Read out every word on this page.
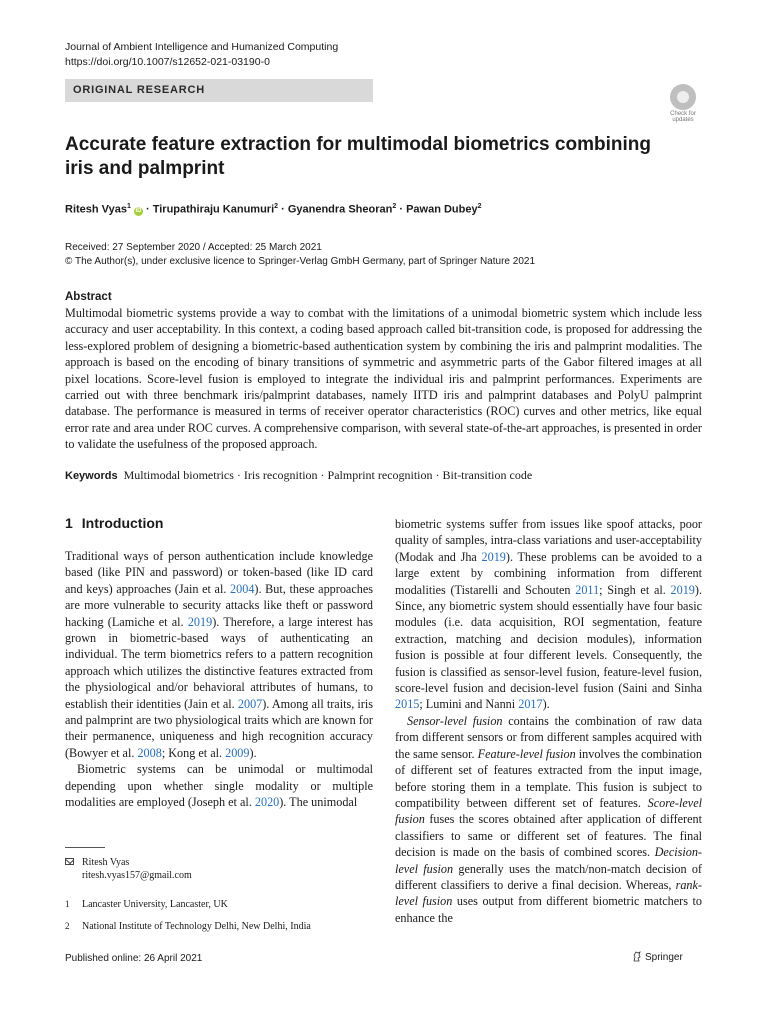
Journal of Ambient Intelligence and Humanized Computing
https://doi.org/10.1007/s12652-021-03190-0
ORIGINAL RESEARCH
Check for updates
Accurate feature extraction for multimodal biometrics combining iris and palmprint
Ritesh Vyas$^1$ iD · Tirupathiraju Kanumuri$^2$ · Gyanendra Sheoran$^2$ · Pawan Dubey$^2$
Received: 27 September 2020 / Accepted: 25 March 2021
© The Author(s), under exclusive licence to Springer-Verlag GmbH Germany, part of Springer Nature 2021
Abstract
Multimodal biometric systems provide a way to combat with the limitations of a unimodal biometric system which include less accuracy and user acceptability. In this context, a coding based approach called bit-transition code, is proposed for addressing the less-explored problem of designing a biometric-based authentication system by combining the iris and palmprint modalities. The approach is based on the encoding of binary transitions of symmetric and asymmetric parts of the Gabor filtered images at all pixel locations. Score-level fusion is employed to integrate the individual iris and palmprint performances. Experiments are carried out with three benchmark iris/palmprint databases, namely IITD iris and palmprint databases and PolyU palmprint database. The performance is measured in terms of receiver operator characteristics (ROC) curves and other metrics, like equal error rate and area under ROC curves. A comprehensive comparison, with several state-of-the-art approaches, is presented in order to validate the usefulness of the proposed approach.
Keywords Multimodal biometrics · Iris recognition · Palmprint recognition · Bit-transition code
1 Introduction

Traditional ways of person authentication include knowledge based (like PIN and password) or token-based (like ID card and keys) approaches (Jain et al. 2004). But, these approaches are more vulnerable to security attacks like theft or password hacking (Lamiche et al. 2019). Therefore, a large interest has grown in biometric-based ways of authenticating an individual. The term biometrics refers to a pattern recognition approach which utilizes the distinctive features extracted from the physiological and/or behavioral attributes of humans, to establish their identities (Jain et al. 2007). Among all traits, iris and palmprint are two physiological traits which are known for their permanence, uniqueness and high recognition accuracy (Bowyer et al. 2008; Kong et al. 2009).

Biometric systems can be unimodal or multimodal depending upon whether single modality or multiple modalities are employed (Joseph et al. 2020). The unimodal

biometric systems suffer from issues like spoof attacks, poor quality of samples, intra-class variations and user-acceptability (Modak and Jha 2019). These problems can be avoided to a large extent by combining information from different modalities (Tistarelli and Schouten 2011; Singh et al. 2019). Since, any biometric system should essentially have four basic modules (i.e. data acquisition, ROI segmentation, feature extraction, matching and decision modules), information fusion is possible at four different levels. Consequently, the fusion is classified as sensor-level fusion, feature-level fusion, score-level fusion and decision-level fusion (Saini and Sinha 2015; Lumini and Nanni 2017).

Sensor-level fusion contains the combination of raw data from different sensors or from different samples acquired with the same sensor. Feature-level fusion involves the combination of different set of features extracted from the input image, before storing them in a template. This fusion is subject to compatibility between different set of features. Score-level fusion fuses the scores obtained after application of different classifiers to same or different set of features. The final decision is made on the basis of combined scores. Decision-level fusion generally uses the match/non-match decision of different classifiers to derive a final decision. Whereas, rank-level fusion uses output from different biometric matchers to enhance the

Ritesh Vyas
ritesh.vyas157@gmail.com
1 Lancaster University, Lancaster, UK
2 National Institute of Technology Delhi, New Delhi, India
Published online: 26 April 2021	Springer
